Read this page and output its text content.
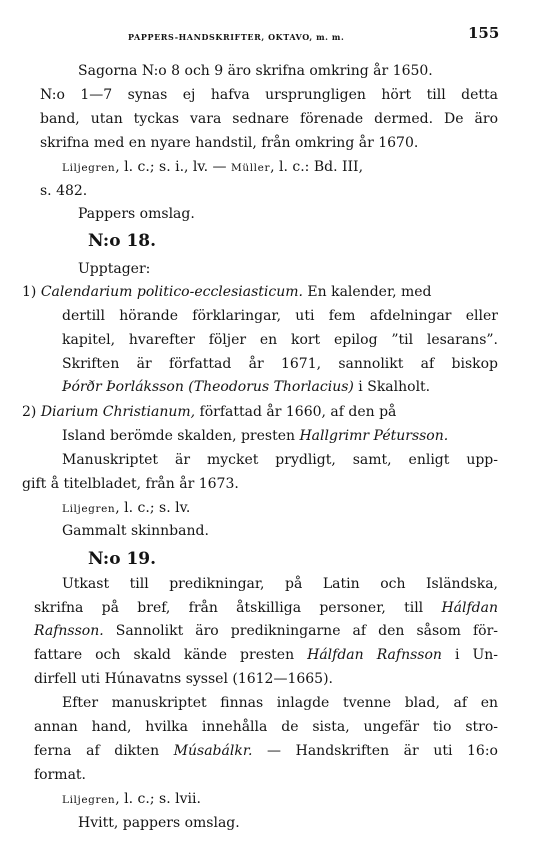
PAPPERS-HANDSKRIFTER, OKTAVO, m. m.	155
Sagorna N:o 8 och 9 äro skrifna omkring år 1650.
N:o 1—7 synas ej hafva ursprungligen hört till detta
band, utan tyckas vara sednare förenade dermed. De äro
skrifna med en nyare handstil, från omkring år 1670.
Liljegren, l. c.; s. i., lv. — Müller, l. c.: Bd. III,
s. 482.
Pappers omslag.
N:o 18.
Upptager:
1) Calendarium politico-ecclesiasticum. En kalender, med
dertill hörande förklaringar, uti fem afdelningar eller
kapitel, hvarefter följer en kort epilog ”til lesarans”.
Skriften är författad år 1671, sannolikt af biskop
Þórðr Þorláksson (Theodorus Thorlacius) i Skalholt.
2) Diarium Christianum, författad år 1660, af den på
Island berömde skalden, presten Hallgrimr Pétursson.
Manuskriptet är mycket prydligt, samt, enligt upp-
gift å titelbladet, från år 1673.
Liljegren, l. c.; s. lv.
Gammalt skinnband.
N:o 19.
Utkast till predikningar, på Latin och Isländska,
skrifna på bref, från åtskilliga personer, till Hálfdan
Rafnsson. Sannolikt äro predikningarne af den såsom för-
fattare och skald kände presten Hálfdan Rafnsson i Un-
dirfell uti Húnavatns syssel (1612—1665).
Efter manuskriptet finnas inlagde tvenne blad, af en
annan hand, hvilka innehålla de sista, ungefär tio stro-
ferna af dikten Músabálkr. — Handskriften är uti 16:o
format.
Liljegren, l. c.; s. lvii.
Hvitt, pappers omslag.
